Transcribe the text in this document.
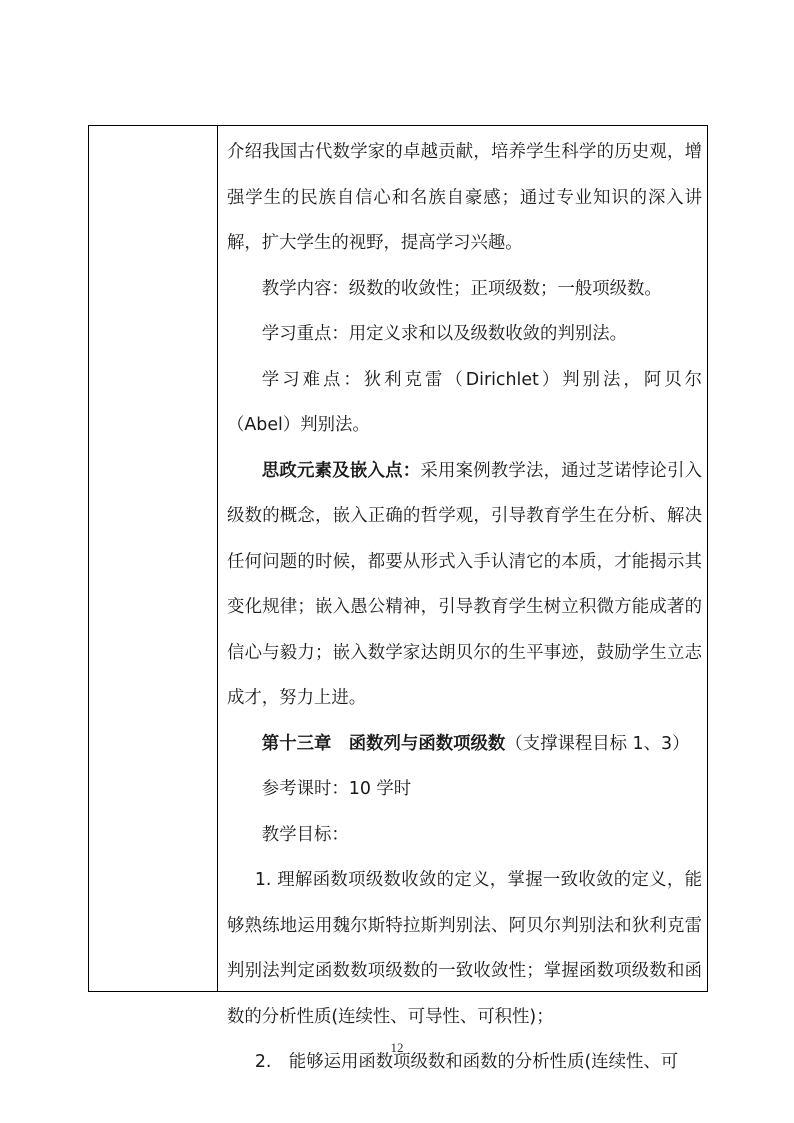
介绍我国古代数学家的卓越贡献，培养学生科学的历史观，增强学生的民族自信心和名族自豪感；通过专业知识的深入讲解，扩大学生的视野，提高学习兴趣。

教学内容：级数的收敛性；正项级数；一般项级数。

学习重点：用定义求和以及级数收敛的判别法。

学习难点：狄利克雷（Dirichlet）判别法，阿贝尔（Abel）判别法。

思政元素及嵌入点：采用案例教学法，通过芝诺悖论引入级数的概念，嵌入正确的哲学观，引导教育学生在分析、解决任何问题的时候，都要从形式入手认清它的本质，才能揭示其变化规律；嵌入愚公精神，引导教育学生树立积微方能成著的信心与毅力；嵌入数学家达朗贝尔的生平事迹，鼓励学生立志成才，努力上进。

第十三章　函数列与函数项级数（支撑课程目标 1、3）

参考课时：10 学时

教学目标：

1. 理解函数项级数收敛的定义，掌握一致收敛的定义，能够熟练地运用魏尔斯特拉斯判别法、阿贝尔判别法和狄利克雷判别法判定函数数项级数的一致收敛性；掌握函数项级数和函数的分析性质(连续性、可导性、可积性)；

2.　能够运用函数项级数和函数的分析性质(连续性、可

12
